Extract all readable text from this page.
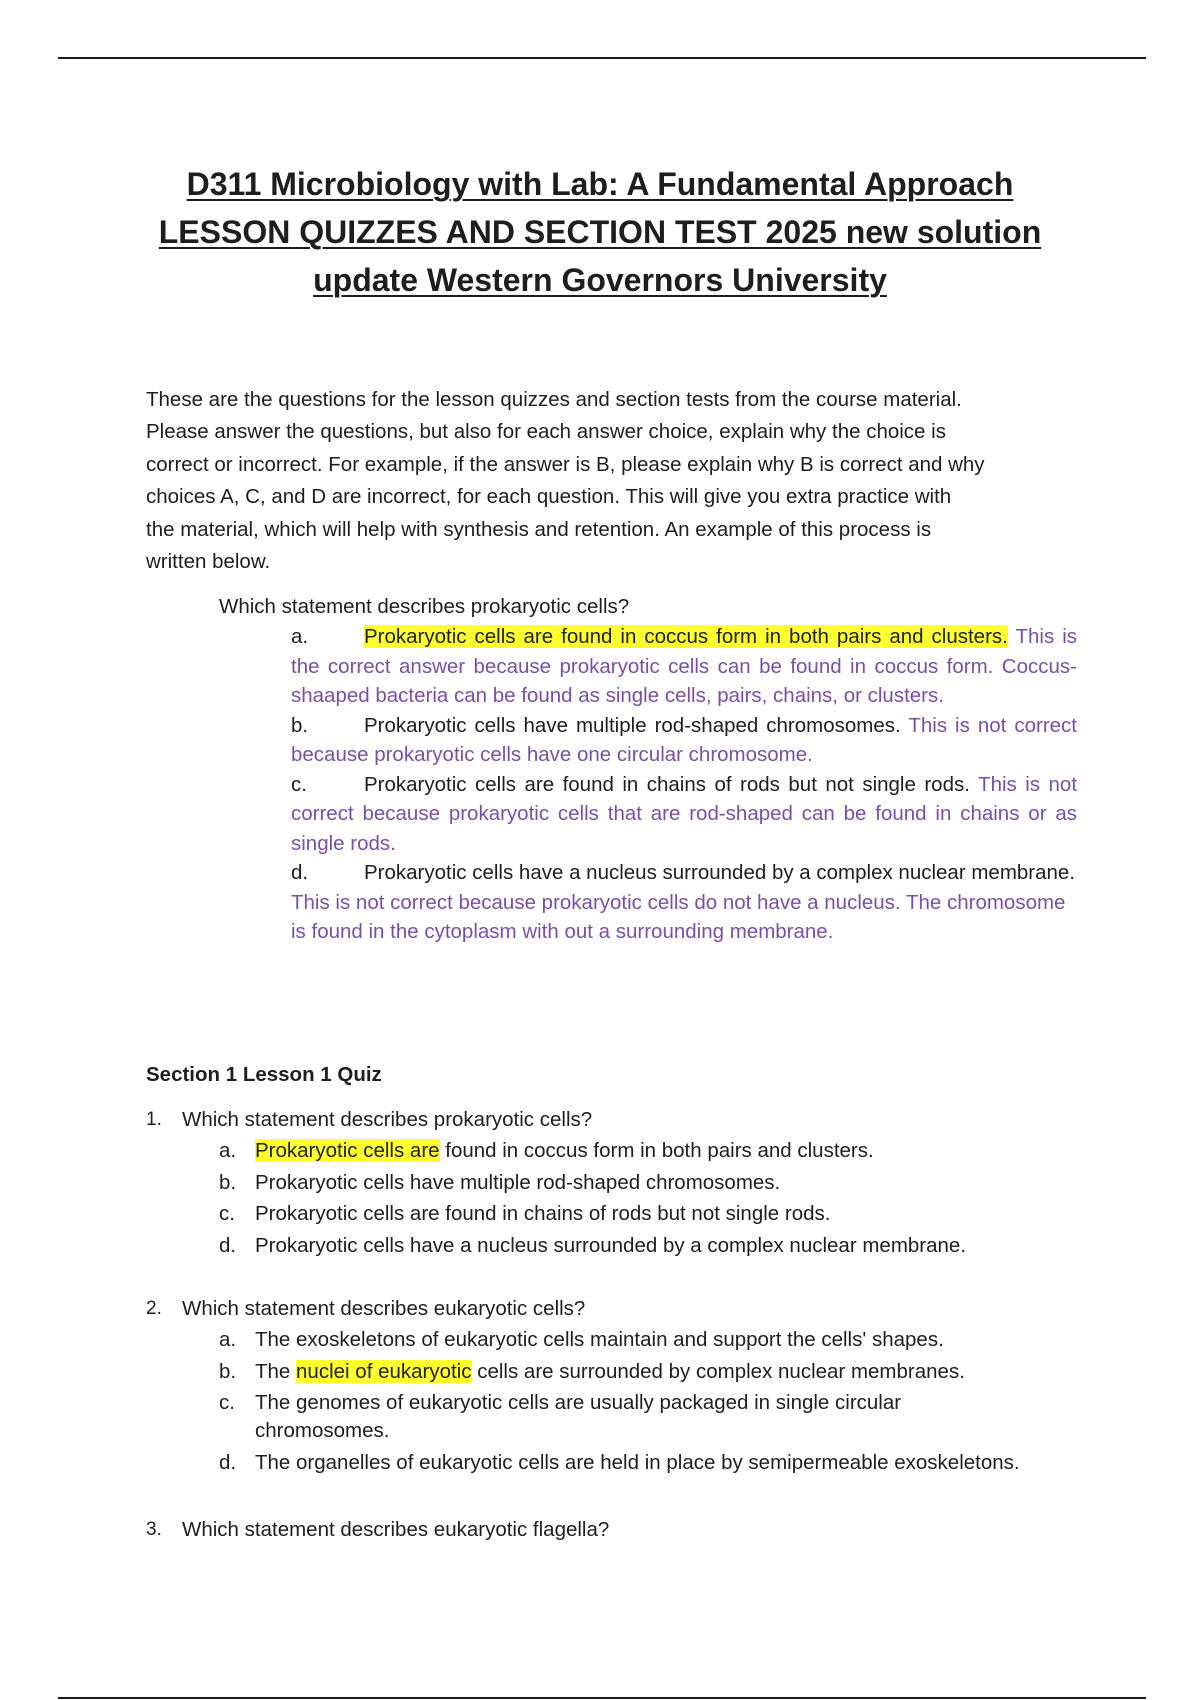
D311 Microbiology with Lab: A Fundamental Approach
LESSON QUIZZES AND SECTION TEST 2025 new solution
update Western Governors University
These are the questions for the lesson quizzes and section tests from the course material.
Please answer the questions, but also for each answer choice, explain why the choice is
correct or incorrect. For example, if the answer is B, please explain why B is correct and why
choices A, C, and D are incorrect, for each question. This will give you extra practice with
the material, which will help with synthesis and retention. An example of this process is
written below.
Which statement describes prokaryotic cells?

a.	Prokaryotic cells are found in coccus form in both pairs and clusters. This is the correct answer because prokaryotic cells can be found in coccus form. Coccus-shaaped bacteria can be found as single cells, pairs, chains, or clusters.

b.	Prokaryotic cells have multiple rod-shaped chromosomes. This is not correct because prokaryotic cells have one circular chromosome.

c.	Prokaryotic cells are found in chains of rods but not single rods. This is not correct because prokaryotic cells that are rod-shaped can be found in chains or as single rods.

d.	Prokaryotic cells have a nucleus surrounded by a complex nuclear membrane. This is not correct because prokaryotic cells do not have a nucleus. The chromosome is found in the cytoplasm with out a surrounding membrane.

Section 1 Lesson 1 Quiz
1. Which statement describes prokaryotic cells?

a. Prokaryotic cells are found in coccus form in both pairs and clusters.

b. Prokaryotic cells have multiple rod-shaped chromosomes.

c. Prokaryotic cells are found in chains of rods but not single rods.

d. Prokaryotic cells have a nucleus surrounded by a complex nuclear membrane.

2. Which statement describes eukaryotic cells?

a. The exoskeletons of eukaryotic cells maintain and support the cells' shapes.

b. The nuclei of eukaryotic cells are surrounded by complex nuclear membranes.

c. The genomes of eukaryotic cells are usually packaged in single circular chromosomes.

d. The organelles of eukaryotic cells are held in place by semipermeable exoskeletons.

3. Which statement describes eukaryotic flagella?
